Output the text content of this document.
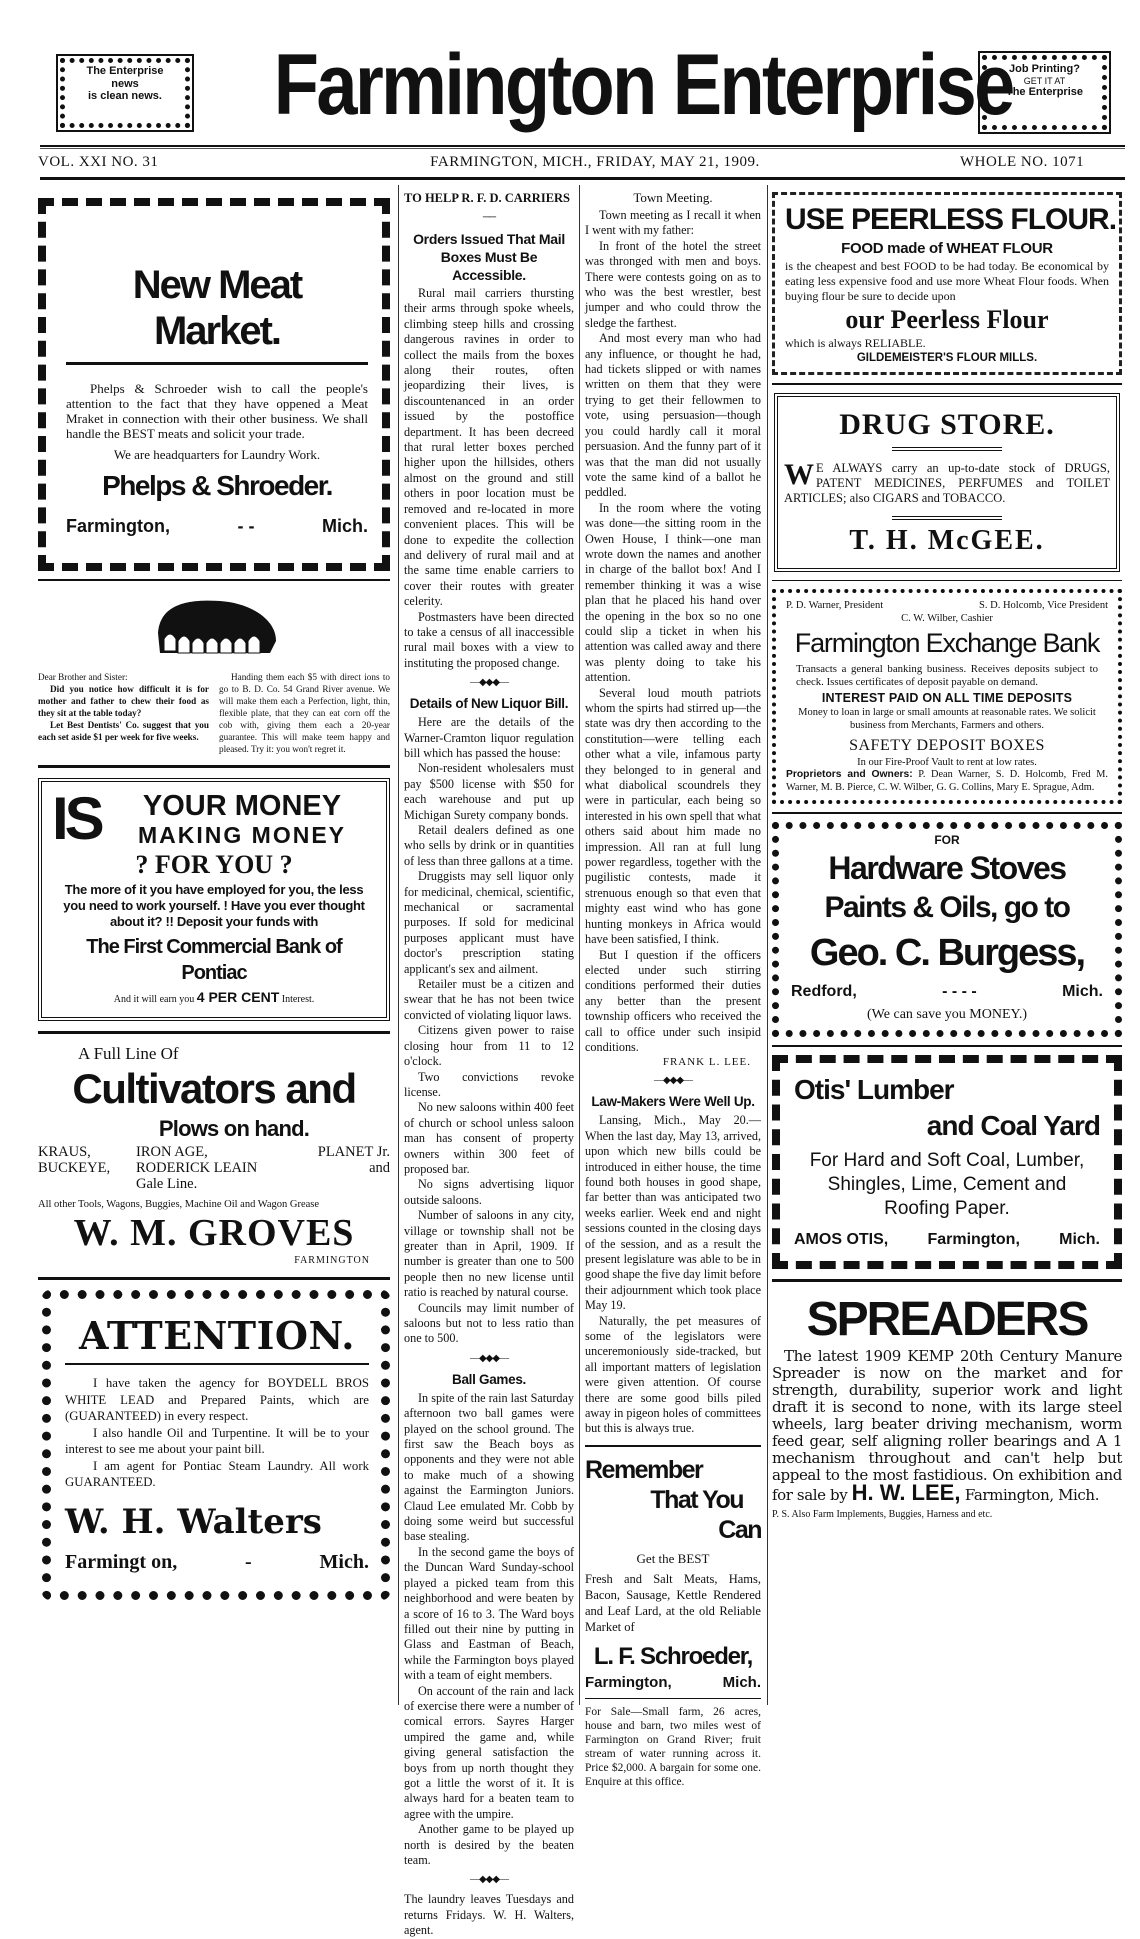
The Enterprise
news
is clean news. Farmington Enterprise
Job Printing?
GET IT AT
The Enterprise
VOL. XXI NO. 31	FARMINGTON, MICH., FRIDAY, MAY 21, 1909.	WHOLE NO. 1071
New Meat Market.

Phelps & Schroeder wish to call the people's attention to the fact that they have oppened a Meat Mraket in connection with their other business. We shall handle the BEST meats and solicit your trade.

We are headquarters for Laundry Work.

Phelps & Shroeder.
Farmington,	- -	Mich.

Dear Brother and Sister:

Did you notice how difficult it is for mother and father to chew their food as they sit at the table today?

Let Best Dentists' Co. suggest that you each set aside $1 per week for five weeks.

Handing them each $5 with direct ions to go to B. D. Co. 54 Grand River avenue. We will make them each a Perfection, light, thin, flexible plate, that they can eat corn off the cob with, giving them each a 20-year guarantee. This will make teem happy and pleased. Try it: you won't regret it.

IS	YOUR MONEY
MAKING MONEY
? FOR YOU ?

The more of it you have employed for you, the less you need to work yourself. ! Have you ever thought about it? !! Deposit your funds with

The First Commercial Bank of Pontiac
And it will earn you 4 PER CENT Interest.
A Full Line Of
Cultivators and
Plows on hand.
KRAUS,	IRON AGE,	PLANET Jr.
BUCKEYE,	RODERICK LEAIN	and
Gale Line.
All other Tools, Wagons, Buggies, Machine Oil and Wagon Grease
W. M. GROVES
FARMINGTON
ATTENTION.

I have taken the agency for BOYDELL BROS WHITE LEAD and Prepared Paints, which are (GUARANTEED) in every respect.

I also handle Oil and Turpentine. It will be to your interest to see me about your paint bill.

I am agent for Pontiac Steam Laundry. All work GUARANTEED.

W. H. Walters
Farmingt on,	-	Mich.
TO HELP R. F. D. CARRIERS
──
Orders Issued That Mail Boxes Must Be Accessible.

Rural mail carriers thursting their arms through spoke wheels, climbing steep hills and crossing dangerous ravines in order to collect the mails from the boxes along their routes, often jeopardizing their lives, is discountenanced in an order issued by the postoffice department. It has been decreed that rural letter boxes perched higher upon the hillsides, others almost on the ground and still others in poor location must be removed and re-located in more convenient places. This will be done to expedite the collection and delivery of rural mail and at the same time enable carriers to cover their routes with greater celerity.

Postmasters have been directed to take a census of all inaccessible rural mail boxes with a view to instituting the proposed change.

—◆◆◆—
Details of New Liquor Bill.

Here are the details of the Warner-Cramton liquor regulation bill which has passed the house:

Non-resident wholesalers must pay $500 license with $50 for each warehouse and put up Michigan Surety company bonds.

Retail dealers defined as one who sells by drink or in quantities of less than three gallons at a time.

Druggists may sell liquor only for medicinal, chemical, scientific, mechanical or sacramental purposes. If sold for medicinal purposes applicant must have doctor's prescription stating applicant's sex and ailment.

Retailer must be a citizen and swear that he has not been twice convicted of violating liquor laws.

Citizens given power to raise closing hour from 11 to 12 o'clock.

Two convictions revoke license.

No new saloons within 400 feet of church or school unless saloon man has consent of property owners within 300 feet of proposed bar.

No signs advertising liquor outside saloons.

Number of saloons in any city, village or township shall not be greater than in April, 1909. If number is greater than one to 500 people then no new license until ratio is reached by natural course.

Councils may limit number of saloons but not to less ratio than one to 500.

—◆◆◆—
Ball Games.

In spite of the rain last Saturday afternoon two ball games were played on the school ground. The first saw the Beach boys as opponents and they were not able to make much of a showing against the Earmington Juniors. Claud Lee emulated Mr. Cobb by doing some weird but successful base stealing.

In the second game the boys of the Duncan Ward Sunday-school played a picked team from this neighborhood and were beaten by a score of 16 to 3. The Ward boys filled out their nine by putting in Glass and Eastman of Beach, while the Farmington boys played with a team of eight members.

On account of the rain and lack of exercise there were a number of comical errors. Sayres Harger umpired the game and, while giving general satisfaction the boys from up north thought they got a little the worst of it. It is always hard for a beaten team to agree with the umpire.

Another game to be played up north is desired by the beaten team.

—◆◆◆—

The laundry leaves Tuesdays and returns Fridays. W. H. Walters, agent.

Town Meeting.

Town meeting as I recall it when I went with my father:

In front of the hotel the street was thronged with men and boys. There were contests going on as to who was the best wrestler, best jumper and who could throw the sledge the farthest.

And most every man who had any influence, or thought he had, had tickets slipped or with names written on them that they were trying to get their fellowmen to vote, using persuasion—though you could hardly call it moral persuasion. And the funny part of it was that the man did not usually vote the same kind of a ballot he peddled.

In the room where the voting was done—the sitting room in the Owen House, I think—one man wrote down the names and another in charge of the ballot box! And I remember thinking it was a wise plan that he placed his hand over the opening in the box so no one could slip a ticket in when his attention was called away and there was plenty doing to take his attention.

Several loud mouth patriots whom the spirts had stirred up—the state was dry then according to the constitution—were telling each other what a vile, infamous party they belonged to in general and what diabolical scoundrels they were in particular, each being so interested in his own spell that what others said about him made no impression. All ran at full lung power regardless, together with the pugilistic contests, made it strenuous enough so that even that mighty east wind who has gone hunting monkeys in Africa would have been satisfied, I think.

But I question if the officers elected under such stirring conditions performed their duties any better than the present township officers who received the call to office under such insipid conditions.

FRANK L. LEE.
—◆◆◆—
Law-Makers Were Well Up.

Lansing, Mich., May 20.—When the last day, May 13, arrived, upon which new bills could be introduced in either house, the time found both houses in good shape, far better than was anticipated two weeks earlier. Week end and night sessions counted in the closing days of the session, and as a result the present legislature was able to be in good shape the five day limit before their adjournment which took place May 19.

Naturally, the pet measures of some of the legislators were unceremoniously side-tracked, but all important matters of legislation were given attention. Of course there are some good bills piled away in pigeon holes of committees but this is always true.

Remember
That You
Can
Get the BEST

Fresh and Salt Meats, Hams, Bacon, Sausage, Kettle Rendered and Leaf Lard, at the old Reliable Market of

L. F. Schroeder,
Farmington,	Mich.

For Sale—Small farm, 26 acres, house and barn, two miles west of Farmington on Grand River; fruit stream of water running across it. Price $2,000. A bargain for some one. Enquire at this office.

USE PEERLESS FLOUR.
FOOD made of WHEAT FLOUR

is the cheapest and best FOOD to be had today. Be economical by eating less expensive food and use more Wheat Flour foods. When buying flour be sure to decide upon

our Peerless Flour
which is always RELIABLE.
GILDEMEISTER'S FLOUR MILLS.
DRUG STORE.
W E ALWAYS carry an up-to-date stock of DRUGS, PATENT MEDICINES, PERFUMES and TOILET ARTICLES; also CIGARS and TOBACCO.
T. H. McGEE.
P. D. Warner, President	S. D. Holcomb, Vice President
C. W. Wilber, Cashier
Farmington Exchange Bank

Transacts a general banking business. Receives deposits subject to check. Issues certificates of deposit payable on demand.

INTEREST PAID ON ALL TIME DEPOSITS

Money to loan in large or small amounts at reasonable rates. We solicit business from Merchants, Farmers and others.

SAFETY DEPOSIT BOXES
In our Fire-Proof Vault to rent at low rates.

Proprietors and Owners: P. Dean Warner, S. D. Holcomb, Fred M. Warner, M. B. Pierce, C. W. Wilber, G. G. Collins, Mary E. Sprague, Adm.

FOR
Hardware Stoves
Paints & Oils, go to
Geo. C. Burgess,
Redford,	- - - -	Mich.
(We can save you MONEY.)
Otis' Lumber
and Coal Yard

For Hard and Soft Coal, Lumber, Shingles, Lime, Cement and Roofing Paper.

AMOS OTIS, Farmington, Mich.
SPREADERS

The latest 1909 KEMP 20th Century Manure Spreader is now on the market and for strength, durability, superior work and light draft it is second to none, with its large steel wheels, larg beater driving mechanism, worm feed gear, self aligning roller bearings and A 1 mechanism throughout and can't help but appeal to the most fastidious. On exhibition and for sale by H. W. LEE, Farmington, Mich.

P. S. Also Farm Implements, Buggies, Harness and etc.
